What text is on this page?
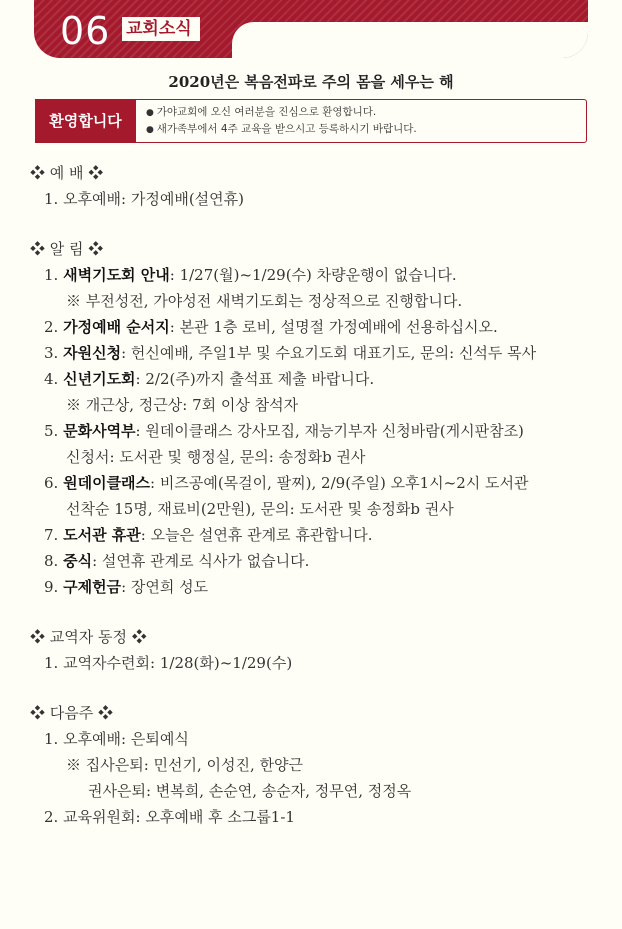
06 교회소식
2020년은 복음전파로 주의 몸을 세우는 해
환영합니다
●	가야교회에 오신 여러분을 진심으로 환영합니다.
● 새가족부에서 4주 교육을 받으시고 등록하시기 바랍니다.
❖ 예 배 ❖
1. 오후예배: 가정예배(설연휴)
❖ 알 림 ❖
1. 새벽기도회 안내: 1/27(월)~1/29(수) 차량운행이 없습니다.
※ 부전성전, 가야성전 새벽기도회는 정상적으로 진행합니다.
2. 가정예배 순서지: 본관 1층 로비, 설명절 가정예배에 선용하십시오.
3. 자원신청: 헌신예배, 주일1부 및 수요기도회 대표기도, 문의: 신석두 목사
4. 신년기도회: 2/2(주)까지 출석표 제출 바랍니다.
※ 개근상, 정근상: 7회 이상 참석자
5. 문화사역부: 원데이클래스 강사모집, 재능기부자 신청바람(게시판참조)
신청서: 도서관 및 행정실, 문의: 송정화b 권사
6. 원데이클래스: 비즈공예(목걸이, 팔찌), 2/9(주일) 오후1시~2시 도서관
선착순 15명, 재료비(2만원), 문의: 도서관 및 송정화b 권사
7. 도서관 휴관: 오늘은 설연휴 관계로 휴관합니다.
8. 중식: 설연휴 관계로 식사가 없습니다.
9. 구제헌금: 장연희 성도
❖ 교역자 동정 ❖
1. 교역자수련회: 1/28(화)~1/29(수)
❖ 다음주 ❖
1. 오후예배: 은퇴예식
※ 집사은퇴: 민선기, 이성진, 한양근
권사은퇴: 변복희, 손순연, 송순자, 정무연, 정정옥
2. 교육위원회: 오후예배 후 소그룹1-1
